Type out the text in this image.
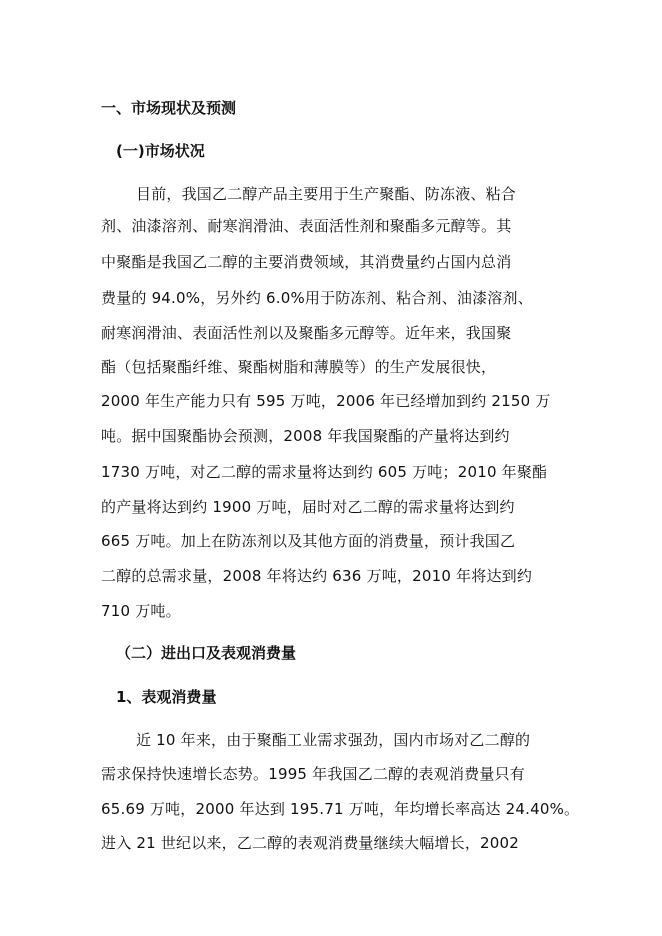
一、市场现状及预测
(一)市场状况
目前，我国乙二醇产品主要用于生产聚酯、防冻液、粘合
剂、油漆溶剂、耐寒润滑油、表面活性剂和聚酯多元醇等。其
中聚酯是我国乙二醇的主要消费领域，其消费量约占国内总消
费量的 94.0%，另外约 6.0%用于防冻剂、粘合剂、油漆溶剂、
耐寒润滑油、表面活性剂以及聚酯多元醇等。近年来，我国聚
酯（包括聚酯纤维、聚酯树脂和薄膜等）的生产发展很快，
2000 年生产能力只有 595 万吨，2006 年已经增加到约 2150 万
吨。据中国聚酯协会预测，2008 年我国聚酯的产量将达到约
1730 万吨，对乙二醇的需求量将达到约 605 万吨；2010 年聚酯
的产量将达到约 1900 万吨，届时对乙二醇的需求量将达到约
665 万吨。加上在防冻剂以及其他方面的消费量，预计我国乙
二醇的总需求量，2008 年将达约 636 万吨，2010 年将达到约
710 万吨。
（二）进出口及表观消费量
1、表观消费量
近 10 年来，由于聚酯工业需求强劲，国内市场对乙二醇的
需求保持快速增长态势。1995 年我国乙二醇的表观消费量只有
65.69 万吨，2000 年达到 195.71 万吨，年均增长率高达 24.40%。
进入 21 世纪以来，乙二醇的表观消费量继续大幅增长，2002
